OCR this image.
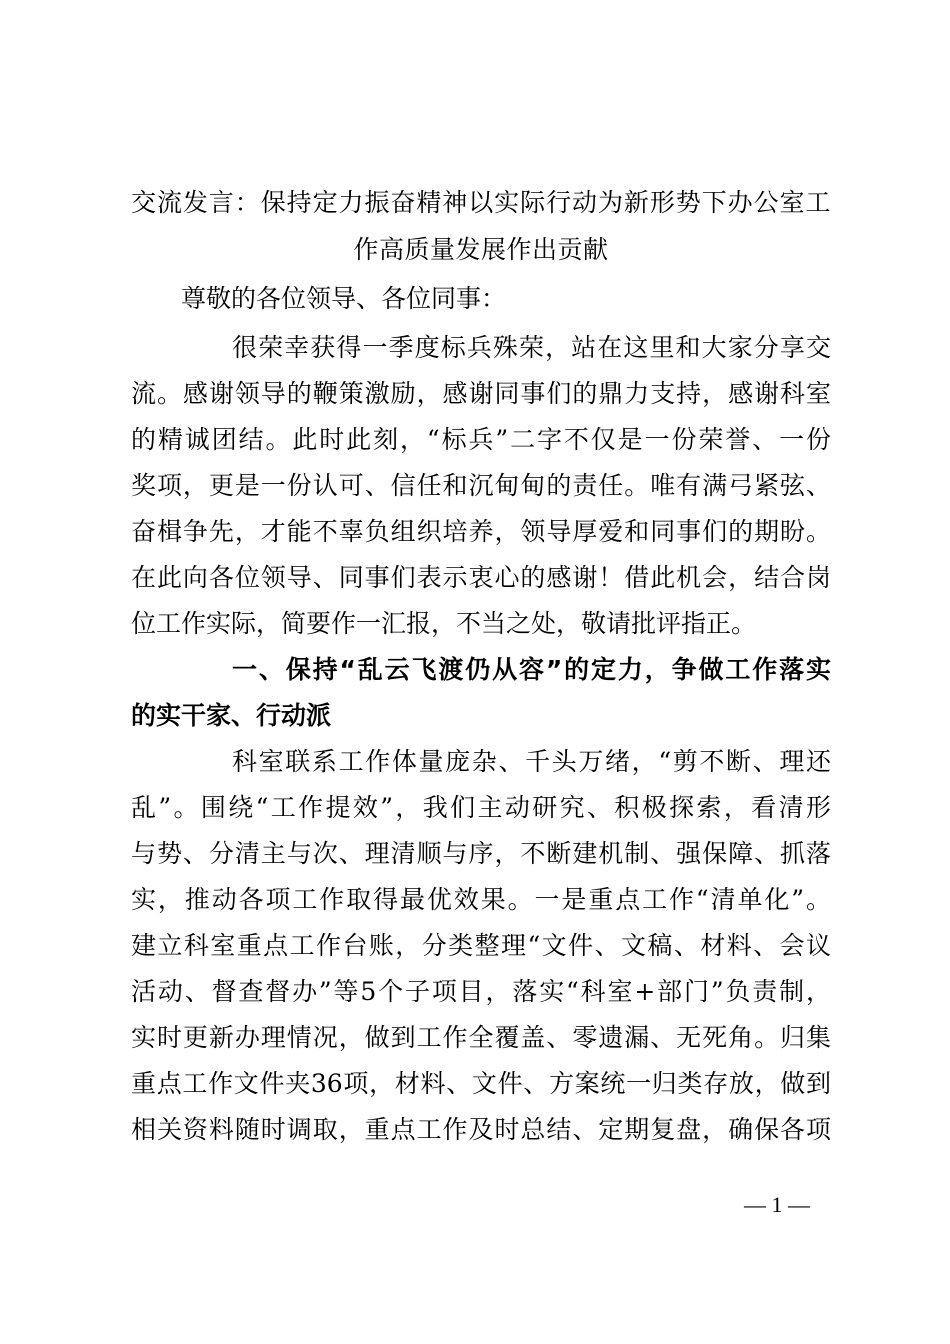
交流发言：保持定力振奋精神以实际行动为新形势下办公室工
作高质量发展作出贡献
尊敬的各位领导、各位同事：
很荣幸获得一季度标兵殊荣，站在这里和大家分享交
流。感谢领导的鞭策激励，感谢同事们的鼎力支持，感谢科室
的精诚团结。此时此刻，“标兵”二字不仅是一份荣誉、一份
奖项，更是一份认可、信任和沉甸甸的责任。唯有满弓紧弦、
奋楫争先，才能不辜负组织培养，领导厚爱和同事们的期盼。
在此向各位领导、同事们表示衷心的感谢！借此机会，结合岗
位工作实际，简要作一汇报，不当之处，敬请批评指正。
一、保持“乱云飞渡仍从容”的定力，争做工作落实
的实干家、行动派
科室联系工作体量庞杂、千头万绪，“剪不断、理还
乱”。围绕“工作提效”，我们主动研究、积极探索，看清形
与势、分清主与次、理清顺与序，不断建机制、强保障、抓落
实，推动各项工作取得最优效果。一是重点工作“清单化”。
建立科室重点工作台账，分类整理“文件、文稿、材料、会议
活动、督查督办”等5个子项目，落实“科室+部门”负责制，
实时更新办理情况，做到工作全覆盖、零遗漏、无死角。归集
重点工作文件夹36项，材料、文件、方案统一归类存放，做到
相关资料随时调取，重点工作及时总结、定期复盘，确保各项
— 1 —
